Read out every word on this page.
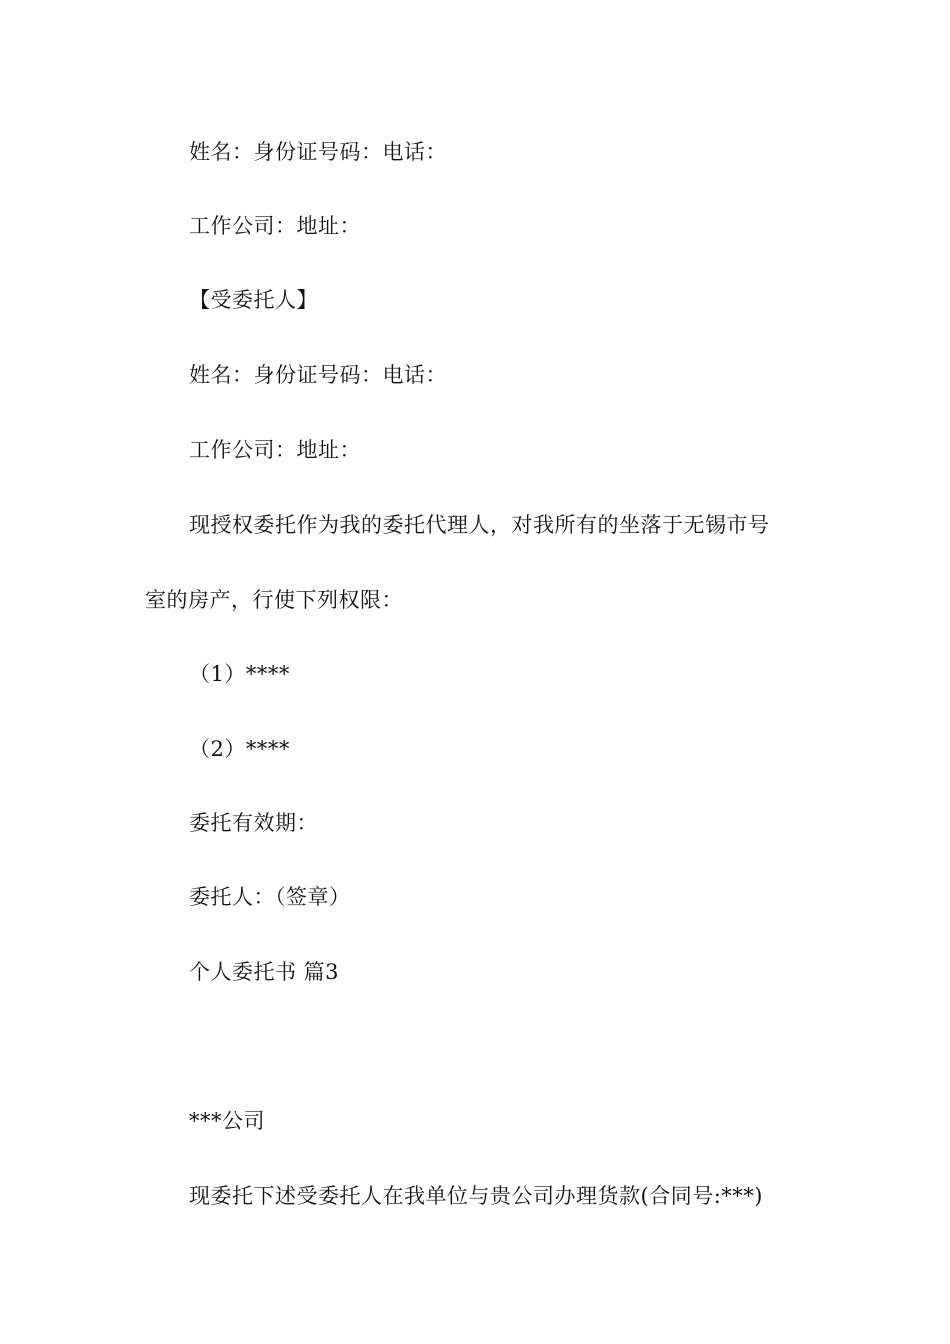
姓名：身份证号码：电话：
工作公司：地址：
【受委托人】
姓名：身份证号码：电话：
工作公司：地址：
现授权委托作为我的委托代理人，对我所有的坐落于无锡市号
室的房产，行使下列权限：
（1）****
（2）****
委托有效期：
委托人：（签章）
个人委托书 篇3
***公司
现委托下述受委托人在我单位与贵公司办理货款(合同号:***)
